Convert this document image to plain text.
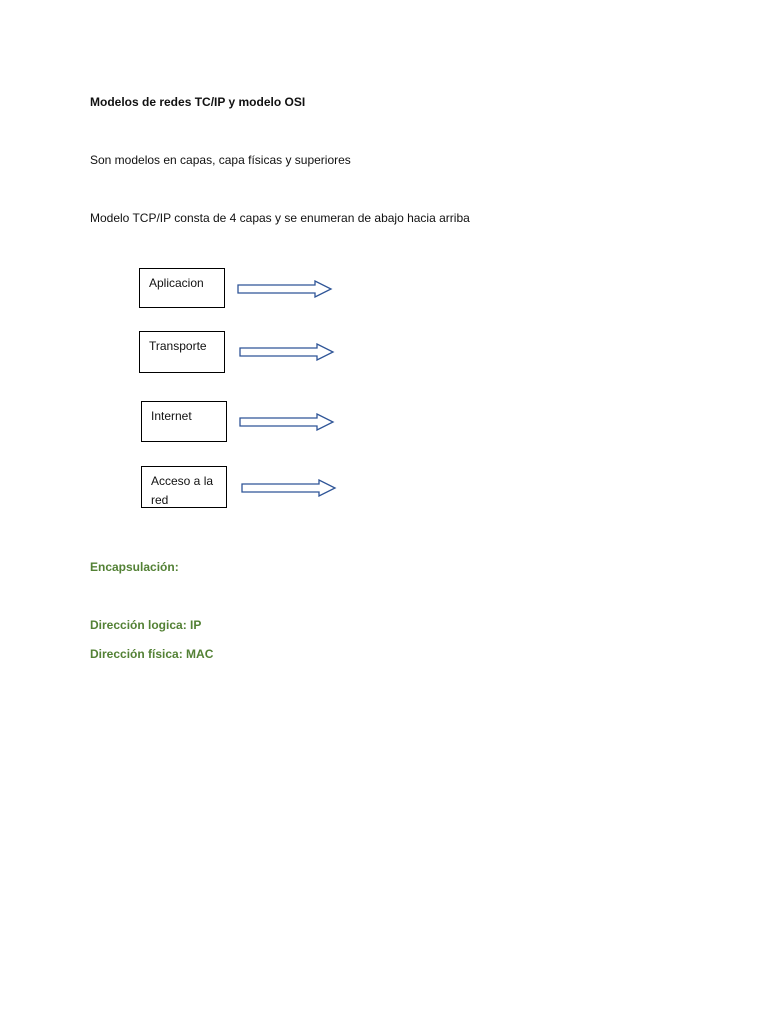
Modelos de redes TC/IP y modelo OSI

Son modelos en capas, capa físicas y superiores

Modelo TCP/IP consta de 4 capas y se enumeran de abajo hacia arriba

Aplicacion
Transporte
Internet
Acceso a la red

Encapsulación:

Dirección logica: IP

Dirección física: MAC
